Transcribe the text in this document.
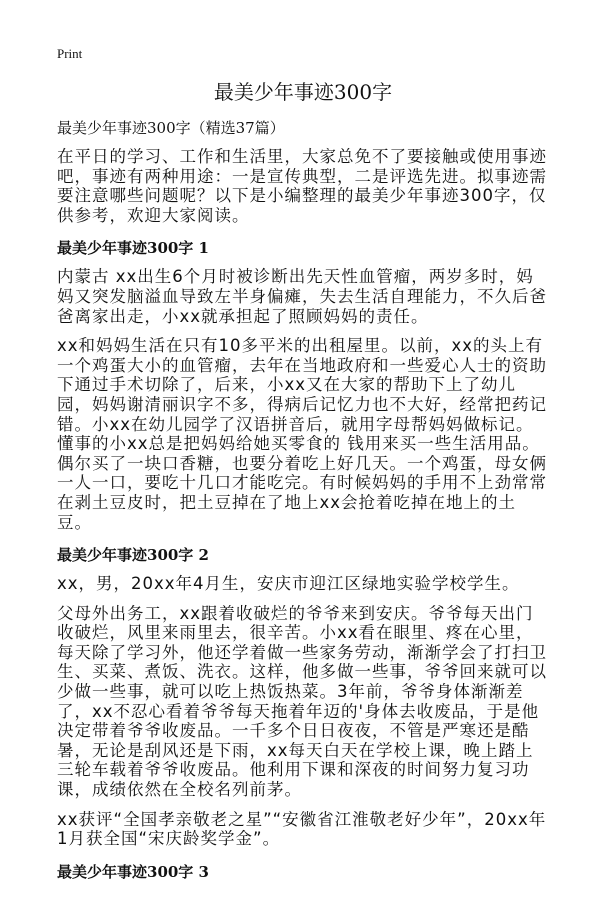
Print
最美少年事迹300字
最美少年事迹300字（精选37篇）

在平日的学习、工作和生活里，大家总免不了要接触或使用事迹吧，事迹有两种用途：一是宣传典型，二是评选先进。拟事迹需要注意哪些问题呢？以下是小编整理的最美少年事迹300字，仅供参考，欢迎大家阅读。

最美少年事迹300字 1

内蒙古 xx出生6个月时被诊断出先天性血管瘤，两岁多时，妈妈又突发脑溢血导致左半身偏瘫，失去生活自理能力，不久后爸爸离家出走，小xx就承担起了照顾妈妈的责任。

xx和妈妈生活在只有10多平米的出租屋里。以前，xx的头上有一个鸡蛋大小的血管瘤，去年在当地政府和一些爱心人士的资助下通过手术切除了，后来，小xx又在大家的帮助下上了幼儿园，妈妈谢清丽识字不多，得病后记忆力也不大好，经常把药记错。小xx在幼儿园学了汉语拼音后，就用字母帮妈妈做标记。懂事的小xx总是把妈妈给她买零食的 钱用来买一些生活用品。偶尔买了一块口香糖，也要分着吃上好几天。一个鸡蛋，母女俩一人一口，要吃十几口才能吃完。有时候妈妈的手用不上劲常常在剥土豆皮时，把土豆掉在了地上xx会抢着吃掉在地上的土豆。

最美少年事迹300字 2

xx，男，20xx年4月生，安庆市迎江区绿地实验学校学生。

父母外出务工，xx跟着收破烂的爷爷来到安庆。爷爷每天出门收破烂，风里来雨里去，很辛苦。小xx看在眼里、疼在心里，每天除了学习外，他还学着做一些家务劳动，渐渐学会了打扫卫生、买菜、煮饭、洗衣。这样，他多做一些事，爷爷回来就可以少做一些事，就可以吃上热饭热菜。3年前，爷爷身体渐渐差了，xx不忍心看着爷爷每天拖着年迈的'身体去收废品，于是他决定带着爷爷收废品。一千多个日日夜夜，不管是严寒还是酷暑，无论是刮风还是下雨，xx每天白天在学校上课，晚上踏上三轮车载着爷爷收废品。他利用下课和深夜的时间努力复习功课，成绩依然在全校名列前茅。

xx获评“全国孝亲敬老之星”“安徽省江淮敬老好少年”，20xx年1月获全国“宋庆龄奖学金”。

最美少年事迹300字 3
